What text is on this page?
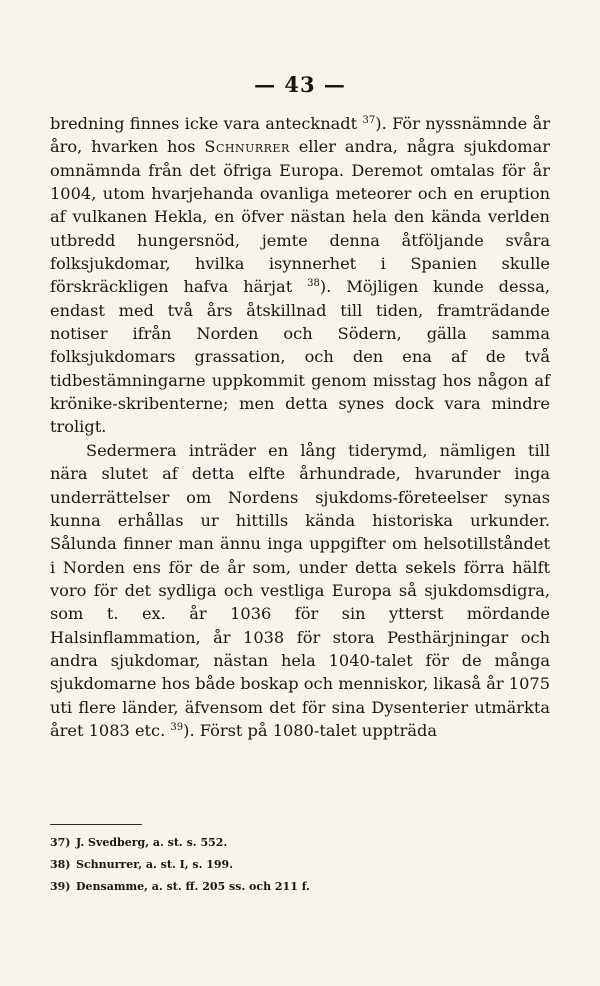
— 43 —

bredning finnes icke vara antecknadt $^{37}$). För nyssnämnde år åro, hvarken hos Schnurrer eller andra, några sjukdomar omnämnda från det öfriga Europa. Deremot omtalas för år 1004, utom hvarjehanda ovanliga meteorer och en eruption af vulkanen Hekla, en öfver nästan hela den kända verlden utbredd hungersnöd, jemte denna åtföljande svåra folksjukdomar, hvilka isynnerhet i Spanien skulle förskräckligen hafva härjat $^{38}$). Möjligen kunde dessa, endast med två års åtskillnad till tiden, framträdande notiser ifrån Norden och Södern, gälla samma folksjukdomars grassation, och den ena af de två tidbestämningarne uppkommit genom misstag hos någon af krönike-skribenterne; men detta synes dock vara mindre troligt.

Sedermera inträder en lång tiderymd, nämligen till nära slutet af detta elfte århundrade, hvarunder inga underrättelser om Nordens sjukdoms-företeelser synas kunna erhållas ur hittills kända historiska urkunder. Sålunda finner man ännu inga uppgifter om helsotillståndet i Norden ens för de år som, under detta sekels förra hälft voro för det sydliga och vestliga Europa så sjukdomsdigra, som t. ex. år 1036 för sin ytterst mördande Halsinflammation, år 1038 för stora Pesthärjningar och andra sjukdomar, nästan hela 1040-talet för de många sjukdomarne hos både boskap och menniskor, likaså år 1075 uti flere länder, äfvensom det för sina Dysenterier utmärkta året 1083 etc. $^{39}$). Först på 1080-talet uppträda

37) J. Svedberg, a. st. s. 552.
38) Schnurrer, a. st. I, s. 199.
39) Densamme, a. st. ff. 205 ss. och 211 f.
